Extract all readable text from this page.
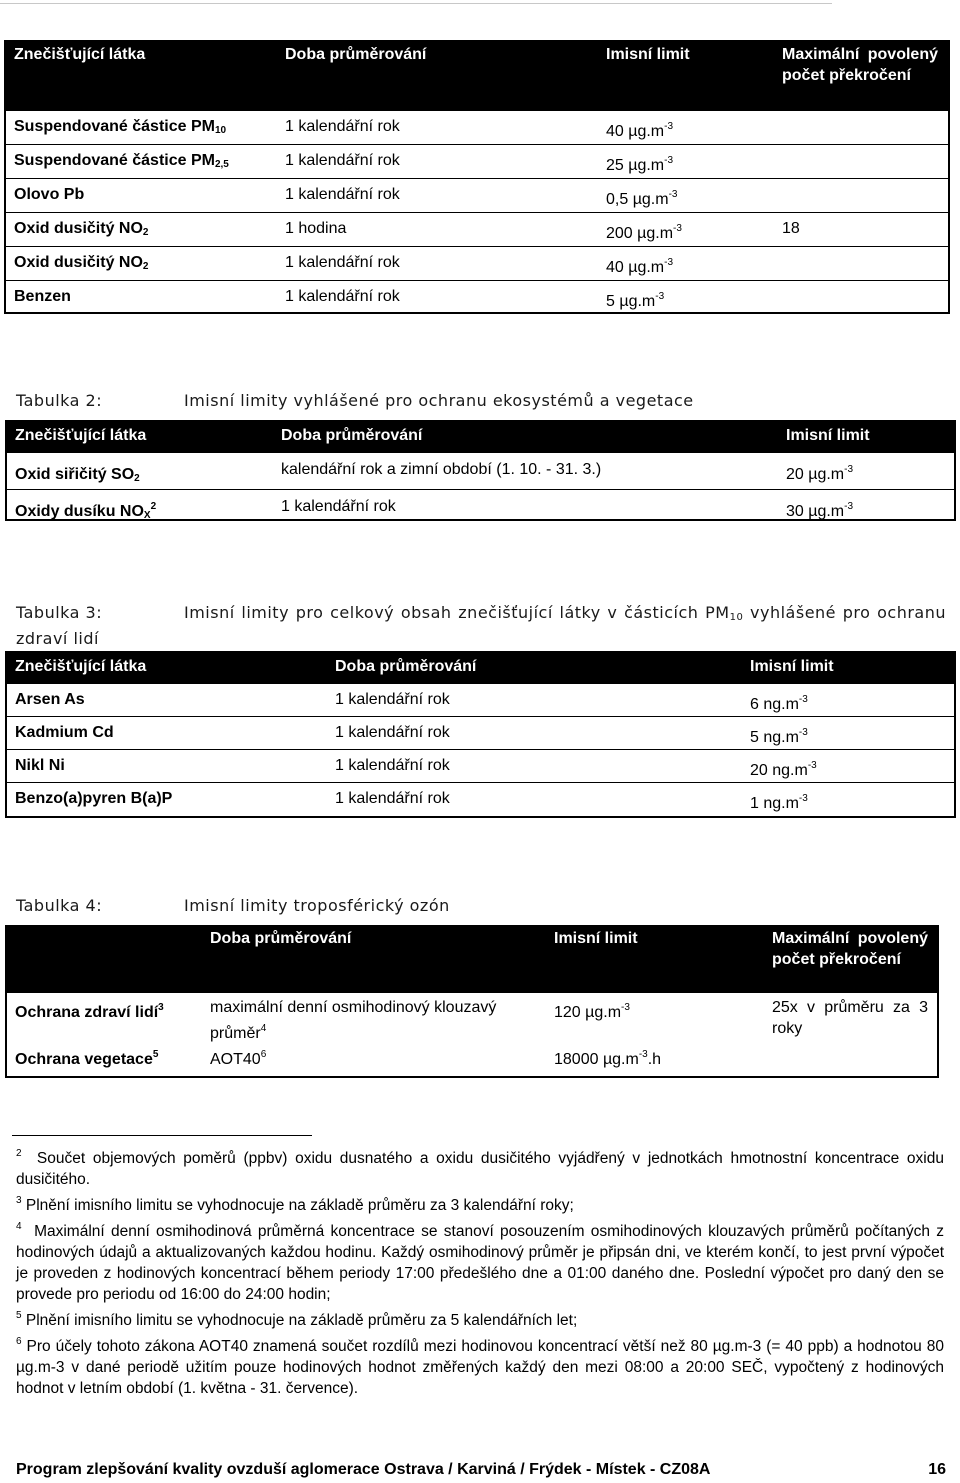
Znečišťující látka	Doba průměrování	Imisní limit	Maximální povolený počet překročení
Suspendované částice $PM_{10}$	1 kalendářní rok	40 $\mu g.m^{-3}$	
Suspendované částice $PM_{2,5}$	1 kalendářní rok	25 $\mu g.m^{-3}$	
Olovo Pb	1 kalendářní rok	0,5 $\mu g.m^{-3}$	
Oxid dusičitý $NO_2$	1 hodina	200 $\mu g.m^{-3}$	18
Oxid dusičitý $NO_2$	1 kalendářní rok	40 $\mu g.m^{-3}$	
Benzen	1 kalendářní rok	5 $\mu g.m^{-3}$	
Tabulka 2:	Imisní limity vyhlášené pro ochranu ekosystémů a vegetace
Znečišťující látka	Doba průměrování	Imisní limit
Oxid siřičitý $SO_2$	kalendářní rok a zimní období (1. 10. - 31. 3.)	20 $\mu g.m^{-3}$
Oxidy dusíku $NO_X^2$	1 kalendářní rok	30 $\mu g.m^{-3}$
Tabulka 3:	Imisní limity pro celkový obsah znečišťující látky v částicích $PM_{10}$ vyhlášené pro ochranu zdraví lidí
Znečišťující látka	Doba průměrování	Imisní limit
Arsen As	1 kalendářní rok	6 $ng.m^{-3}$
Kadmium Cd	1 kalendářní rok	5 $ng.m^{-3}$
Nikl Ni	1 kalendářní rok	20 $ng.m^{-3}$
Benzo(a)pyren B(a)P	1 kalendářní rok	1 $ng.m^{-3}$
Tabulka 4:	Imisní limity troposférický ozón
	Doba průměrování	Imisní limit	Maximální povolený počet překročení
Ochrana zdraví lidí$^3$	maximální denní osmihodinový klouzavý průměr$^4$	120 $\mu g.m^{-3}$	25x v průměru za 3 roky
Ochrana vegetace$^5$	$AOT40^6$	18000 $\mu g.m^{-3}.h$	

$^2$ Součet objemových poměrů (ppbv) oxidu dusnatého a oxidu dusičitého vyjádřený v jednotkách hmotnostní koncentrace oxidu dusičitého.

$^3$ Plnění imisního limitu se vyhodnocuje na základě průměru za 3 kalendářní roky;

$^4$ Maximální denní osmihodinová průměrná koncentrace se stanoví posouzením osmihodinových klouzavých průměrů počítaných z hodinových údajů a aktualizovaných každou hodinu. Každý osmihodinový průměr je připsán dni, ve kterém končí, to jest první výpočet je proveden z hodinových koncentrací během periody 17:00 předešlého dne a 01:00 daného dne. Poslední výpočet pro daný den se provede pro periodu od 16:00 do 24:00 hodin;

$^5$ Plnění imisního limitu se vyhodnocuje na základě průměru za 5 kalendářních let;

$^6$ Pro účely tohoto zákona AOT40 znamená součet rozdílů mezi hodinovou koncentrací větší než 80 µg.m-3 (= 40 ppb) a hodnotou 80 µg.m-3 v dané periodě užitím pouze hodinových hodnot změřených každý den mezi 08:00 a 20:00 SEČ, vypočtený z hodinových hodnot v letním období (1. května - 31. července).

Program zlepšování kvality ovzduší aglomerace Ostrava / Karviná / Frýdek - Místek - CZ08A	16
